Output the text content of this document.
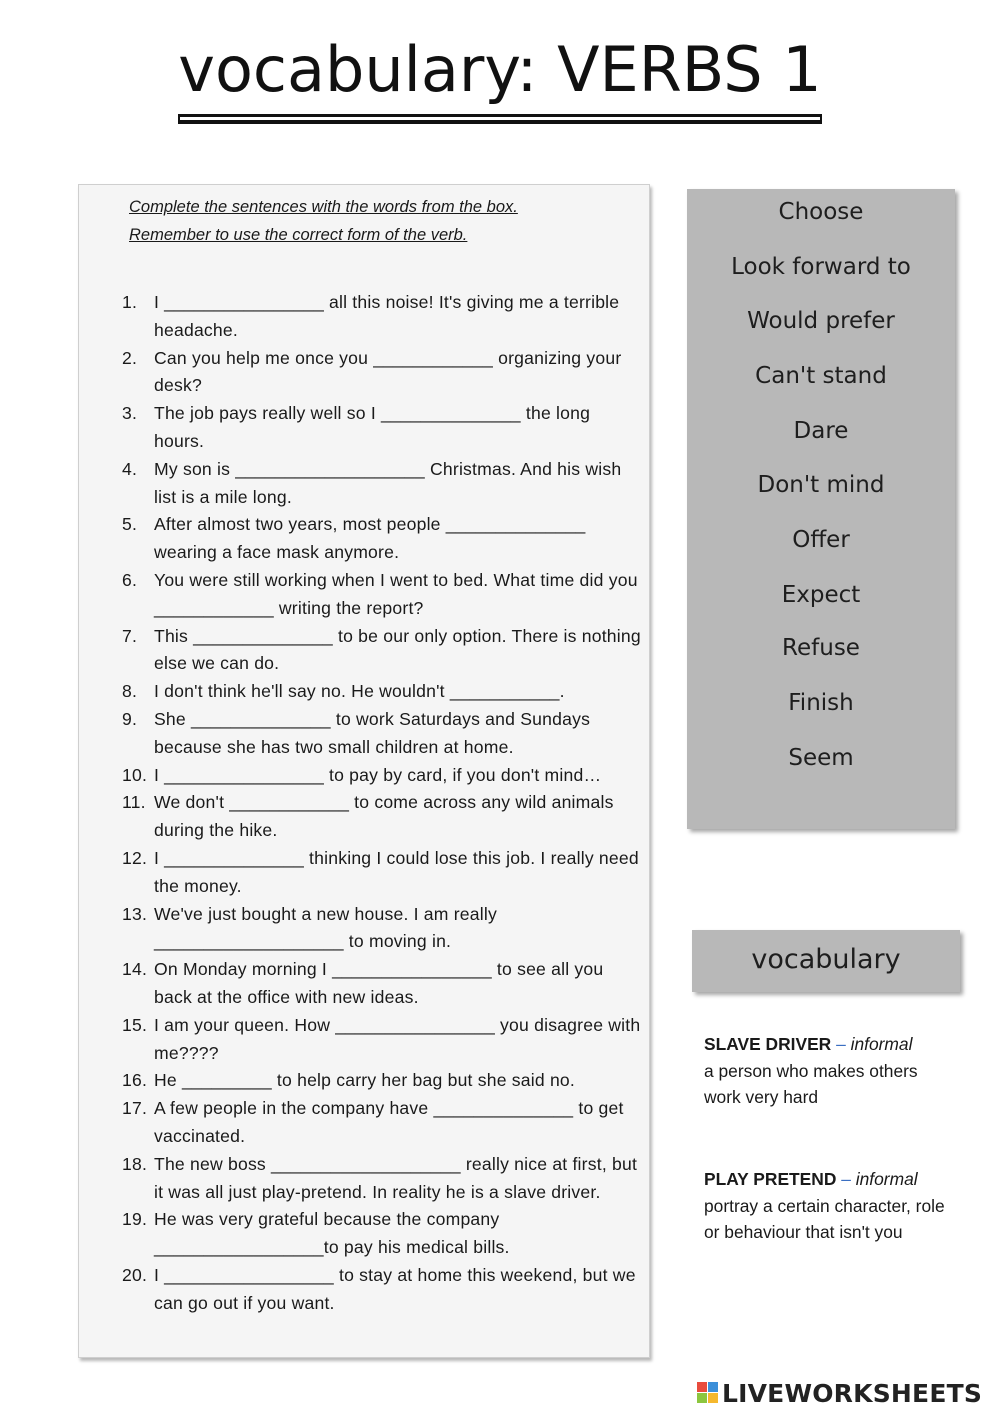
vocabulary: VERBS 1
Complete the sentences with the words from the box.
Remember to use the correct form of the verb.
1. I ________________ all this noise! It's giving me a terrible headache.
2. Can you help me once you ____________ organizing your desk?
3. The job pays really well so I ______________ the long hours.
4. My son is ___________________ Christmas. And his wish list is a mile long.
5. After almost two years, most people ______________ wearing a face mask anymore.
6. You were still working when I went to bed. What time did you ____________ writing the report?
7. This ______________ to be our only option. There is nothing else we can do.
8. I don't think he'll say no. He wouldn't ___________.
9. She ______________ to work Saturdays and Sundays because she has two small children at home.
10. I ________________ to pay by card, if you don't mind…
11. We don't ____________ to come across any wild animals during the hike.
12. I ______________ thinking I could lose this job. I really need the money.
13. We've just bought a new house. I am really ___________________ to moving in.
14. On Monday morning I ________________ to see all you back at the office with new ideas.
15. I am your queen. How ________________ you disagree with me????
16. He _________ to help carry her bag but she said no.
17. A few people in the company have ______________ to get vaccinated.
18. The new boss ___________________ really nice at first, but it was all just play-pretend. In reality he is a slave driver.
19. He was very grateful because the company _________________to pay his medical bills.
20. I _________________ to stay at home this weekend, but we can go out if you want.
Choose
Look forward to
Would prefer
Can't stand
Dare
Don't mind
Offer
Expect
Refuse
Finish
Seem
vocabulary
SLAVE DRIVER – informal
a person who makes others work very hard
PLAY PRETEND – informal
portray a certain character, role or behaviour that isn't you
LIVEWORKSHEETS
